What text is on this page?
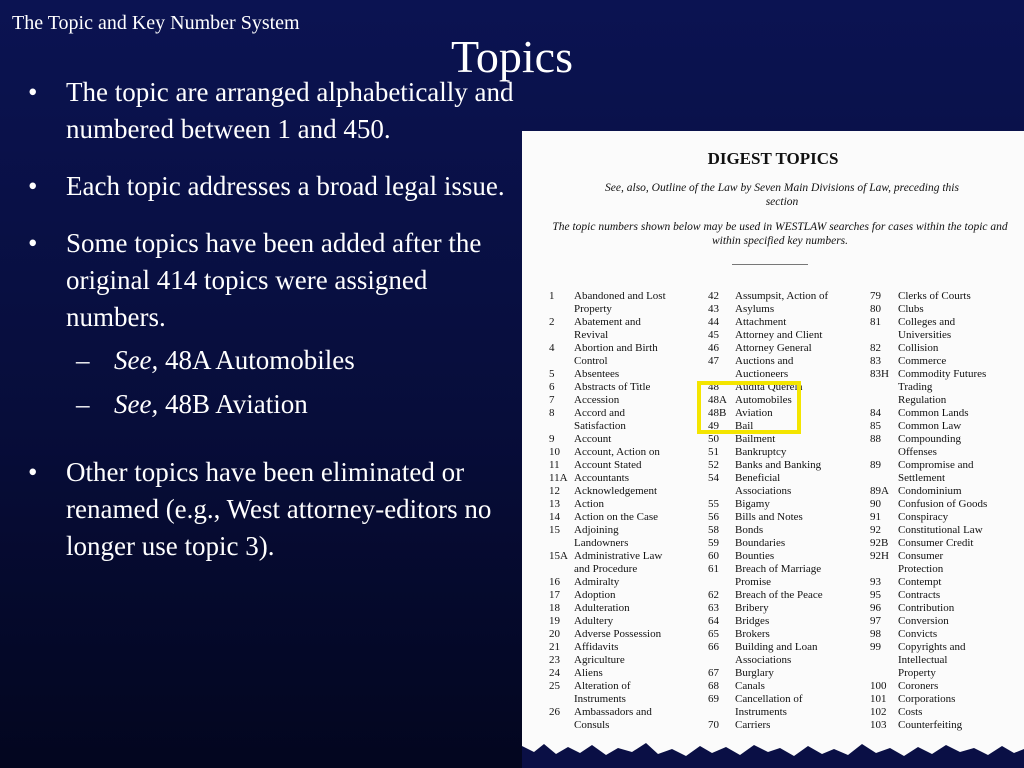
The Topic and Key Number System
Topics
• The topic are arranged alphabetically and numbered between 1 and 450.
• Each topic addresses a broad legal issue.
• Some topics have been added after the original 414 topics were assigned numbers.
– See, 48A Automobiles
– See, 48B Aviation
• Other topics have been eliminated or renamed (e.g., West attorney-editors no longer use topic 3).
DIGEST TOPICS
See, also, Outline of the Law by Seven Main Divisions of Law, preceding this section
The topic numbers shown below may be used in WESTLAW searches for cases within the topic and within specified key numbers.
1	Abandoned and Lost
Property
2	Abatement and
Revival
4	Abortion and Birth
Control
5	Absentees
6	Abstracts of Title
7	Accession
8	Accord and
Satisfaction
9	Account
10	Account, Action on
11	Account Stated
11A Accountants
12	Acknowledgement
13	Action
14	Action on the Case
15	Adjoining
Landowners
15A Administrative Law
and Procedure
16	Admiralty
17	Adoption
18	Adulteration
19	Adultery
20	Adverse Possession
21	Affidavits
23	Agriculture
24	Aliens
25	Alteration of
Instruments
26	Ambassadors and
Consuls
42	Assumpsit, Action of
43	Asylums
44	Attachment
45	Attorney and Client
46	Attorney General
47	Auctions and
Auctioneers
48	Audita Querela
48A Automobiles
48B Aviation
49	Bail
50	Bailment
51	Bankruptcy
52	Banks and Banking
54	Beneficial
Associations
55	Bigamy
56	Bills and Notes
58	Bonds
59	Boundaries
60	Bounties
61	Breach of Marriage
Promise
62	Breach of the Peace
63	Bribery
64	Bridges
65	Brokers
66	Building and Loan
Associations
67	Burglary
68	Canals
69	Cancellation of
Instruments
70	Carriers
79	Clerks of Courts
80	Clubs
81	Colleges and
Universities
82	Collision
83	Commerce
83H Commodity Futures
Trading
Regulation
84	Common Lands
85	Common Law
88	Compounding
Offenses
89	Compromise and
Settlement
89A Condominium
90	Confusion of Goods
91	Conspiracy
92	Constitutional Law
92B Consumer Credit
92H Consumer
Protection
93	Contempt
95	Contracts
96	Contribution
97	Conversion
98	Convicts
99	Copyrights and
Intellectual
Property
100	Coroners
101	Corporations
102	Costs
103	Counterfeiting
